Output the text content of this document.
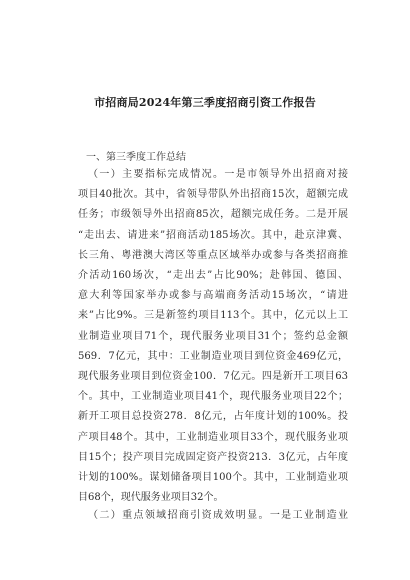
市招商局2024年第三季度招商引资工作报告
一、第三季度工作总结
（一）主要指标完成情况。一是市领导外出招商对接
项目40批次。其中，省领导带队外出招商15次，超额完成
任务；市级领导外出招商85次，超额完成任务。二是开展
“走出去、请进来”招商活动185场次。其中，赴京津冀、
长三角、粤港澳大湾区等重点区域举办或参与各类招商推
介活动160场次，“走出去”占比90%；赴韩国、德国、
意大利等国家举办或参与高端商务活动15场次，“请进
来”占比9%。三是新签约项目113个。其中，亿元以上工
业制造业项目71个，现代服务业项目31个；签约总金额
569．7亿元，其中：工业制造业项目到位资金469亿元，
现代服务业项目到位资金100．7亿元。四是新开工项目63
个。其中，工业制造业项目41个，现代服务业项目22个；
新开工项目总投资278．8亿元，占年度计划的100%。投
产项目48个。其中，工业制造业项目33个，现代服务业项
目15个；投产项目完成固定资产投资213．3亿元，占年度
计划的100%。谋划储备项目100个。其中，工业制造业项
目68个，现代服务业项目32个。
（二）重点领域招商引资成效明显。一是工业制造业
